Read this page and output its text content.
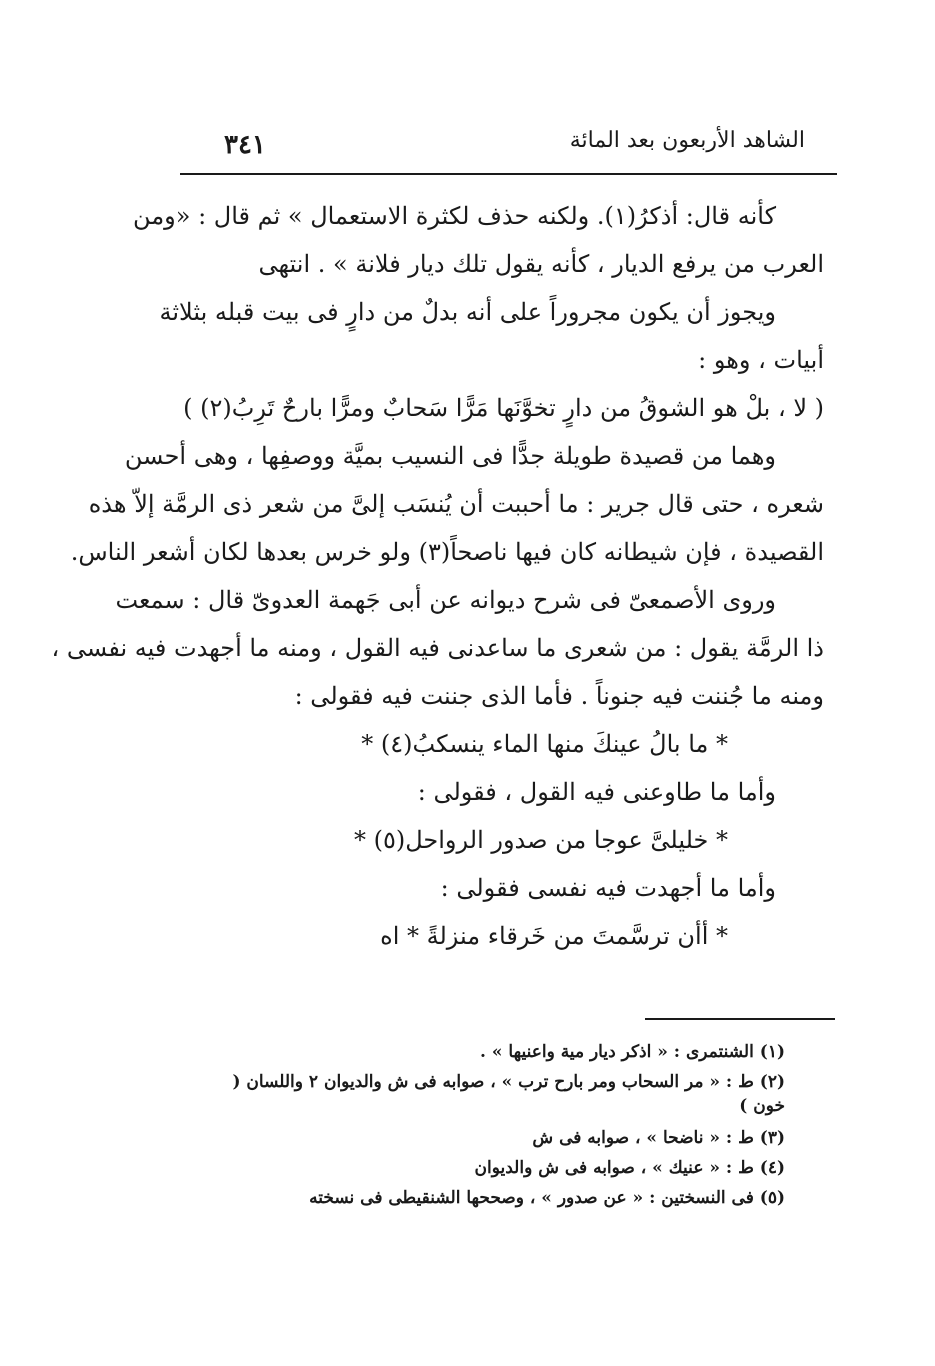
الشاهد الأربعون بعد المائة
٣٤١
كأنه قال: أذكرُ(١). ولكنه حذف لكثرة الاستعمال » ثم قال : «ومن
العرب من يرفع الديار ، كأنه يقول تلك ديار فلانة » . انتهى
ويجوز أن يكون مجروراً على أنه بدلٌ من دارٍ فى بيت قبله بثلاثة
أبيات ، وهو :
( لا ، بلْ هو الشوقُ من دارٍ تخوَّنَها مَرًّا سَحابٌ ومرًّا بارحٌ تَرِبُ(٢) )
وهما من قصيدة طويلة جدًّا فى النسيب بميَّة ووصفِها ، وهى أحسن
شعره ، حتى قال جرير : ما أحببت أن يُنسَب إلىَّ من شعر ذى الرمَّة إلاّ هذه
القصيدة ، فإن شيطانه كان فيها ناصحاً(٣) ولو خرس بعدها لكان أشعر الناس.
وروى الأصمعىّ فى شرح ديوانه عن أبى جَهمة العدوىّ قال : سمعت
ذا الرمَّة يقول : من شعرى ما ساعدنى فيه القول ، ومنه ما أجهدت فيه نفسى ،
ومنه ما جُننت فيه جنوناً . فأما الذى جننت فيه فقولى :
* ما بالُ عينكَ منها الماء ينسكبُ(٤) *
وأما ما طاوعنى فيه القول ، فقولى :
* خليلىَّ عوجا من صدور الرواحل(٥) *
وأما ما أجهدت فيه نفسى فقولى :
* أأن ترسَّمتَ من خَرقاء منزلةً * اه
(١) الشنتمرى : « اذكر ديار مية واعنيها » .
(٢) ط : « مر السحاب ومر بارح ترب » ، صوابه فى ش والديوان ٢ واللسان ( خون )
(٣) ط : « ناضحا » ، صوابه فى ش
(٤) ط : « عنيك » ، صوابه فى ش والديوان
(٥) فى النسختين : « عن صدور » ، وصححها الشنقيطى فى نسخته
